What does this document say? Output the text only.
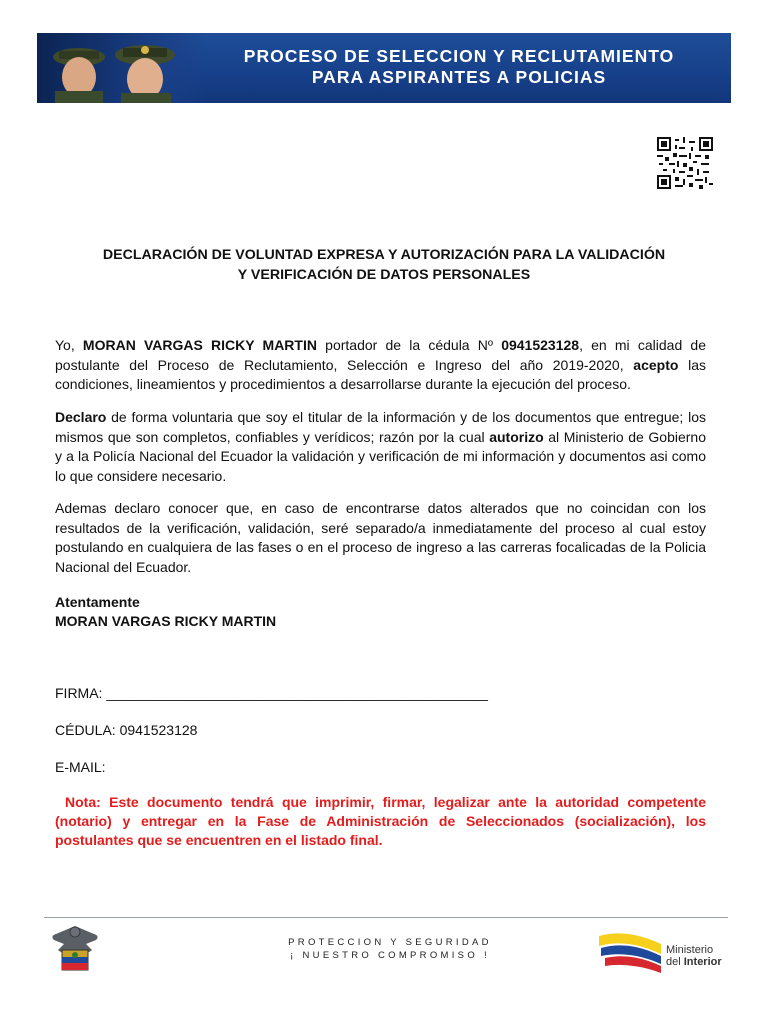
PROCESO DE SELECCION Y RECLUTAMIENTO
PARA ASPIRANTES A POLICIAS
DECLARACIÓN DE VOLUNTAD EXPRESA Y AUTORIZACIÓN PARA LA VALIDACIÓN
Y VERIFICACIÓN DE DATOS PERSONALES
Yo, MORAN VARGAS RICKY MARTIN portador de la cédula Nº 0941523128, en mi calidad de postulante del Proceso de Reclutamiento, Selección e Ingreso del año 2019-2020, acepto las condiciones, lineamientos y procedimientos a desarrollarse durante la ejecución del proceso.
Declaro de forma voluntaria que soy el titular de la información y de los documentos que entregue; los mismos que son completos, confiables y verídicos; razón por la cual autorizo al Ministerio de Gobierno y a la Policía Nacional del Ecuador la validación y verificación de mi información y documentos asi como lo que considere necesario.
Ademas declaro conocer que, en caso de encontrarse datos alterados que no coincidan con los resultados de la verificación, validación, seré separado/a inmediatamente del proceso al cual estoy postulando en cualquiera de las fases o en el proceso de ingreso a las carreras focalicadas de la Policia Nacional del Ecuador.
Atentamente
MORAN VARGAS RICKY MARTIN
FIRMA: _________________________________________________
CÉDULA: 0941523128
E-MAIL:
Nota: Este documento tendrá que imprimir, firmar, legalizar ante la autoridad competente (notario) y entregar en la Fase de Administración de Seleccionados (socialización), los postulantes que se encuentren en el listado final.
PROTECCION Y SEGURIDAD
¡ NUESTRO COMPROMISO !	Ministerio
del Interior
